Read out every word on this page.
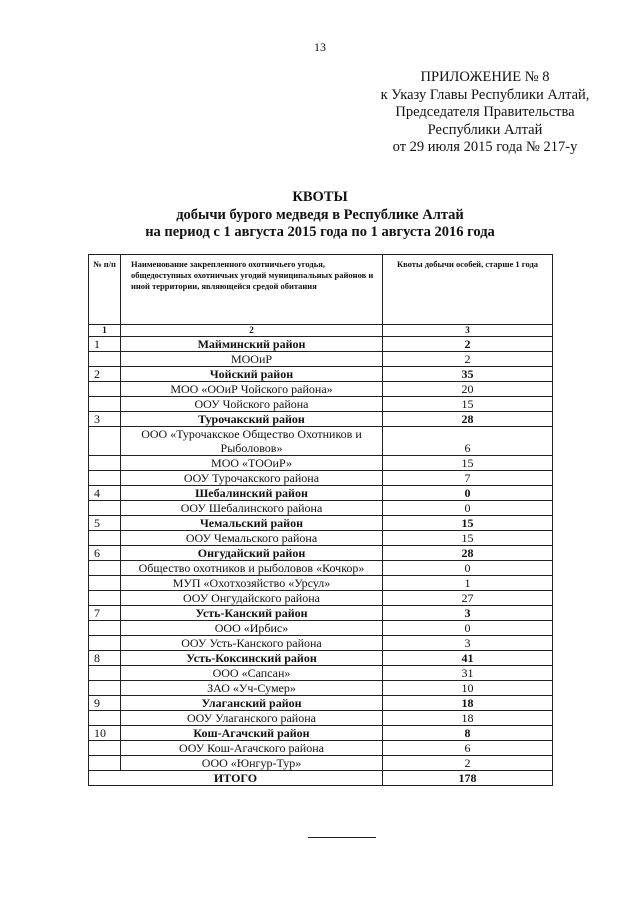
13
ПРИЛОЖЕНИЕ № 8
к Указу Главы Республики Алтай,
Председателя Правительства
Республики Алтай
от 29 июля 2015 года № 217-у
КВОТЫ
добычи бурого медведя в Республике Алтай
на период с 1 августа 2015 года по 1 августа 2016 года
№ п/п	Наименование закрепленного охотничьего угодья, общедоступных охотничьих угодий муниципальных районов и иной территории, являющейся средой обитания	Квоты добычи особей, старше 1 года
1	2	3
1	Майминский район	2
	МООиР	2
2	Чойский район	35
	МОО «ООиР Чойского района»	20
	ООУ Чойского района	15
3	Турочакский район	28
	ООО «Турочакское Общество Охотников и Рыболовов»	6
	МОО «ТООиР»	15
	ООУ Турочакского района	7
4	Шебалинский район	0
	ООУ Шебалинского района	0
5	Чемальский район	15
	ООУ Чемальского района	15
6	Онгудайский район	28
	Общество охотников и рыболовов «Кочкор»	0
	МУП «Охотхозяйство «Урсул»	1
	ООУ Онгудайского района	27
7	Усть-Канский район	3
	ООО «Ирбис»	0
	ООУ Усть-Канского района	3
8	Усть-Коксинский район	41
	ООО «Сапсан»	31
	ЗАО «Уч-Сумер»	10
9	Улаганский район	18
	ООУ Улаганского района	18
10	Кош-Агачский район	8
	ООУ Кош-Агачского района	6
	ООО «Юнгур-Тур»	2
ИТОГО		178
